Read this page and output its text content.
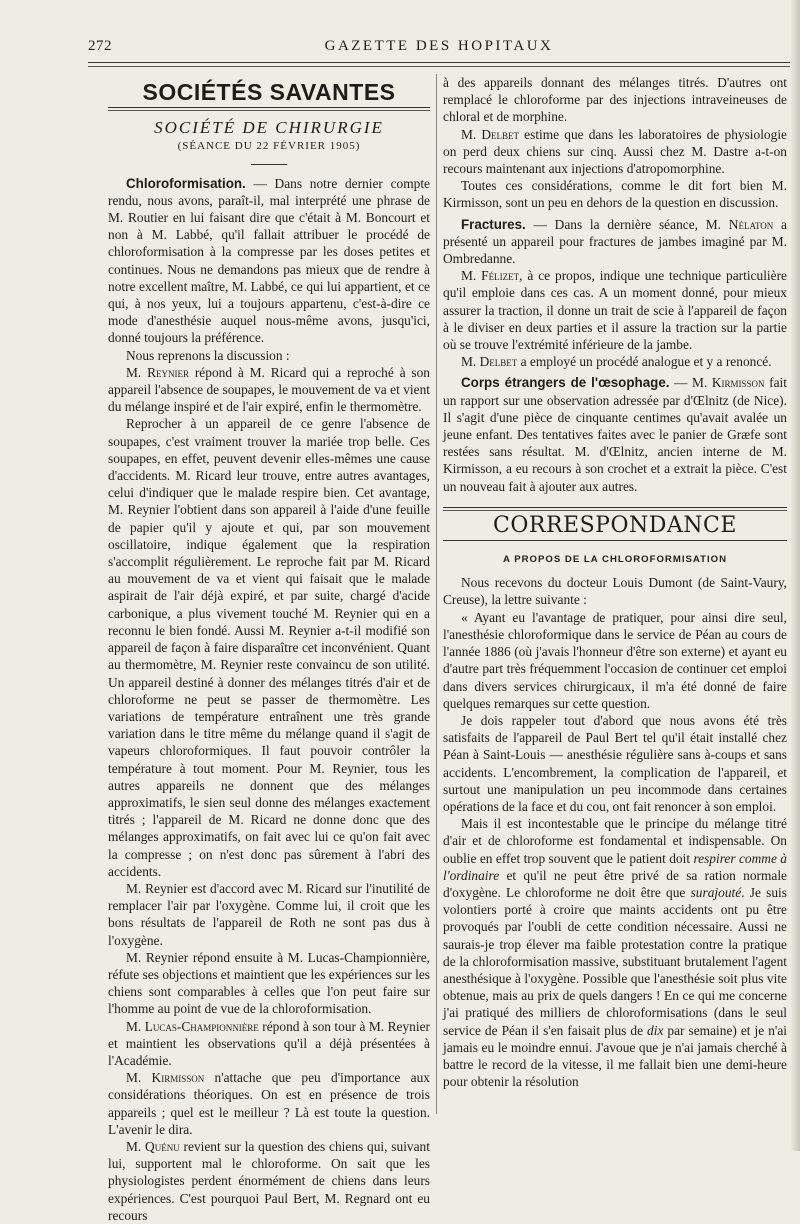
272	GAZETTE DES HOPITAUX
SOCIÉTÉS SAVANTES
SOCIÉTÉ DE CHIRURGIE
(SÉANCE DU 22 FÉVRIER 1905)

Chloroformisation. — Dans notre dernier compte rendu, nous avons, paraît-il, mal interprété une phrase de M. Routier en lui faisant dire que c'était à M. Boncourt et non à M. Labbé, qu'il fallait attribuer le procédé de chloroformisation à la compresse par les doses petites et continues. Nous ne demandons pas mieux que de rendre à notre excellent maître, M. Labbé, ce qui lui appartient, et ce qui, à nos yeux, lui a toujours appartenu, c'est-à-dire ce mode d'anesthésie auquel nous-même avons, jusqu'ici, donné toujours la préférence.

Nous reprenons la discussion :

M. Reynier répond à M. Ricard qui a reproché à son appareil l'absence de soupapes, le mouvement de va et vient du mélange inspiré et de l'air expiré, enfin le thermomètre.

Reprocher à un appareil de ce genre l'absence de soupapes, c'est vraiment trouver la mariée trop belle. Ces soupapes, en effet, peuvent devenir elles-mêmes une cause d'accidents. M. Ricard leur trouve, entre autres avantages, celui d'indiquer que le malade respire bien. Cet avantage, M. Reynier l'obtient dans son appareil à l'aide d'une feuille de papier qu'il y ajoute et qui, par son mouvement oscillatoire, indique également que la respiration s'accomplit régulièrement. Le reproche fait par M. Ricard au mouvement de va et vient qui faisait que le malade aspirait de l'air déjà expiré, et par suite, chargé d'acide carbonique, a plus vivement touché M. Reynier qui en a reconnu le bien fondé. Aussi M. Reynier a-t-il modifié son appareil de façon à faire disparaître cet inconvénient. Quant au thermomètre, M. Reynier reste convaincu de son utilité. Un appareil destiné à donner des mélanges titrés d'air et de chloroforme ne peut se passer de thermomètre. Les variations de température entraînent une très grande variation dans le titre même du mélange quand il s'agit de vapeurs chloroformiques. Il faut pouvoir contrôler la température à tout moment. Pour M. Reynier, tous les autres appareils ne donnent que des mélanges approximatifs, le sien seul donne des mélanges exactement titrés ; l'appareil de M. Ricard ne donne donc que des mélanges approximatifs, on fait avec lui ce qu'on fait avec la compresse ; on n'est donc pas sûrement à l'abri des accidents.

M. Reynier est d'accord avec M. Ricard sur l'inutilité de remplacer l'air par l'oxygène. Comme lui, il croit que les bons résultats de l'appareil de Roth ne sont pas dus à l'oxygène.

M. Reynier répond ensuite à M. Lucas-Championnière, réfute ses objections et maintient que les expériences sur les chiens sont comparables à celles que l'on peut faire sur l'homme au point de vue de la chloroformisation.

M. Lucas-Championnière répond à son tour à M. Reynier et maintient les observations qu'il a déjà présentées à l'Académie.

M. Kirmisson n'attache que peu d'importance aux considérations théoriques. On est en présence de trois appareils ; quel est le meilleur ? Là est toute la question. L'avenir le dira.

M. Quénu revient sur la question des chiens qui, suivant lui, supportent mal le chloroforme. On sait que les physiologistes perdent énormément de chiens dans leurs expériences. C'est pourquoi Paul Bert, M. Regnard ont eu recours

à des appareils donnant des mélanges titrés. D'autres ont remplacé le chloroforme par des injections intraveineuses de chloral et de morphine.

M. Delbet estime que dans les laboratoires de physiologie on perd deux chiens sur cinq. Aussi chez M. Dastre a-t-on recours maintenant aux injections d'atropomorphine.

Toutes ces considérations, comme le dit fort bien M. Kirmisson, sont un peu en dehors de la question en discussion.

Fractures. — Dans la dernière séance, M. Nélaton a présenté un appareil pour fractures de jambes imaginé par M. Ombredanne.

M. Félizet, à ce propos, indique une technique particulière qu'il emploie dans ces cas. A un moment donné, pour mieux assurer la traction, il donne un trait de scie à l'appareil de façon à le diviser en deux parties et il assure la traction sur la partie où se trouve l'extrémité inférieure de la jambe.

M. Delbet a employé un procédé analogue et y a renoncé.

Corps étrangers de l'œsophage. — M. Kirmisson fait un rapport sur une observation adressée par d'Œlnitz (de Nice). Il s'agit d'une pièce de cinquante centimes qu'avait avalée un jeune enfant. Des tentatives faites avec le panier de Græfe sont restées sans résultat. M. d'Œlnitz, ancien interne de M. Kirmisson, a eu recours à son crochet et a extrait la pièce. C'est un nouveau fait à ajouter aux autres.

CORRESPONDANCE
A PROPOS DE LA CHLOROFORMISATION

Nous recevons du docteur Louis Dumont (de Saint-Vaury, Creuse), la lettre suivante :

« Ayant eu l'avantage de pratiquer, pour ainsi dire seul, l'anesthésie chloroformique dans le service de Péan au cours de l'année 1886 (où j'avais l'honneur d'être son externe) et ayant eu d'autre part très fréquemment l'occasion de continuer cet emploi dans divers services chirurgicaux, il m'a été donné de faire quelques remarques sur cette question.

Je dois rappeler tout d'abord que nous avons été très satisfaits de l'appareil de Paul Bert tel qu'il était installé chez Péan à Saint-Louis — anesthésie régulière sans à-coups et sans accidents. L'encombrement, la complication de l'appareil, et surtout une manipulation un peu incommode dans certaines opérations de la face et du cou, ont fait renoncer à son emploi.

Mais il est incontestable que le principe du mélange titré d'air et de chloroforme est fondamental et indispensable. On oublie en effet trop souvent que le patient doit respirer comme à l'ordinaire et qu'il ne peut être privé de sa ration normale d'oxygène. Le chloroforme ne doit être que surajouté. Je suis volontiers porté à croire que maints accidents ont pu être provoqués par l'oubli de cette condition nécessaire. Aussi ne saurais-je trop élever ma faible protestation contre la pratique de la chloroformisation massive, substituant brutalement l'agent anesthésique à l'oxygène. Possible que l'anesthésie soit plus vite obtenue, mais au prix de quels dangers ! En ce qui me concerne j'ai pratiqué des milliers de chloroformisations (dans le seul service de Péan il s'en faisait plus de dix par semaine) et je n'ai jamais eu le moindre ennui. J'avoue que je n'ai jamais cherché à battre le record de la vitesse, il me fallait bien une demi-heure pour obtenir la résolution
